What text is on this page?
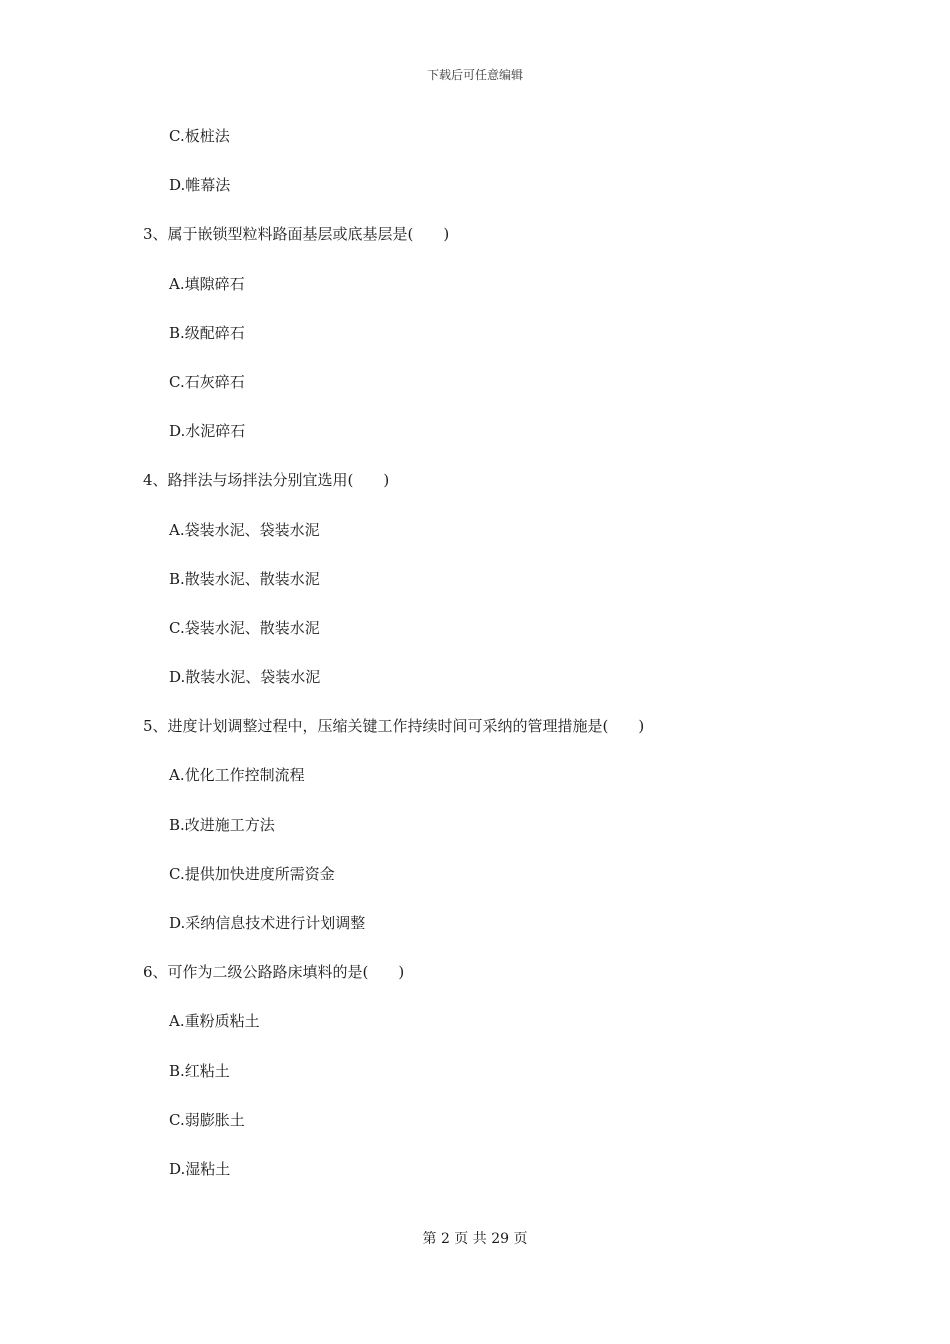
下载后可任意编辑
C.板桩法
D.帷幕法
3、属于嵌锁型粒料路面基层或底基层是(　　)
A.填隙碎石
B.级配碎石
C.石灰碎石
D.水泥碎石
4、路拌法与场拌法分别宜选用(　　)
A.袋装水泥、袋装水泥
B.散装水泥、散装水泥
C.袋装水泥、散装水泥
D.散装水泥、袋装水泥
5、进度计划调整过程中，压缩关键工作持续时间可采纳的管理措施是(　　)
A.优化工作控制流程
B.改进施工方法
C.提供加快进度所需资金
D.采纳信息技术进行计划调整
6、可作为二级公路路床填料的是(　　)
A.重粉质粘土
B.红粘土
C.弱膨胀土
D.湿粘土
第 2 页 共 29 页
